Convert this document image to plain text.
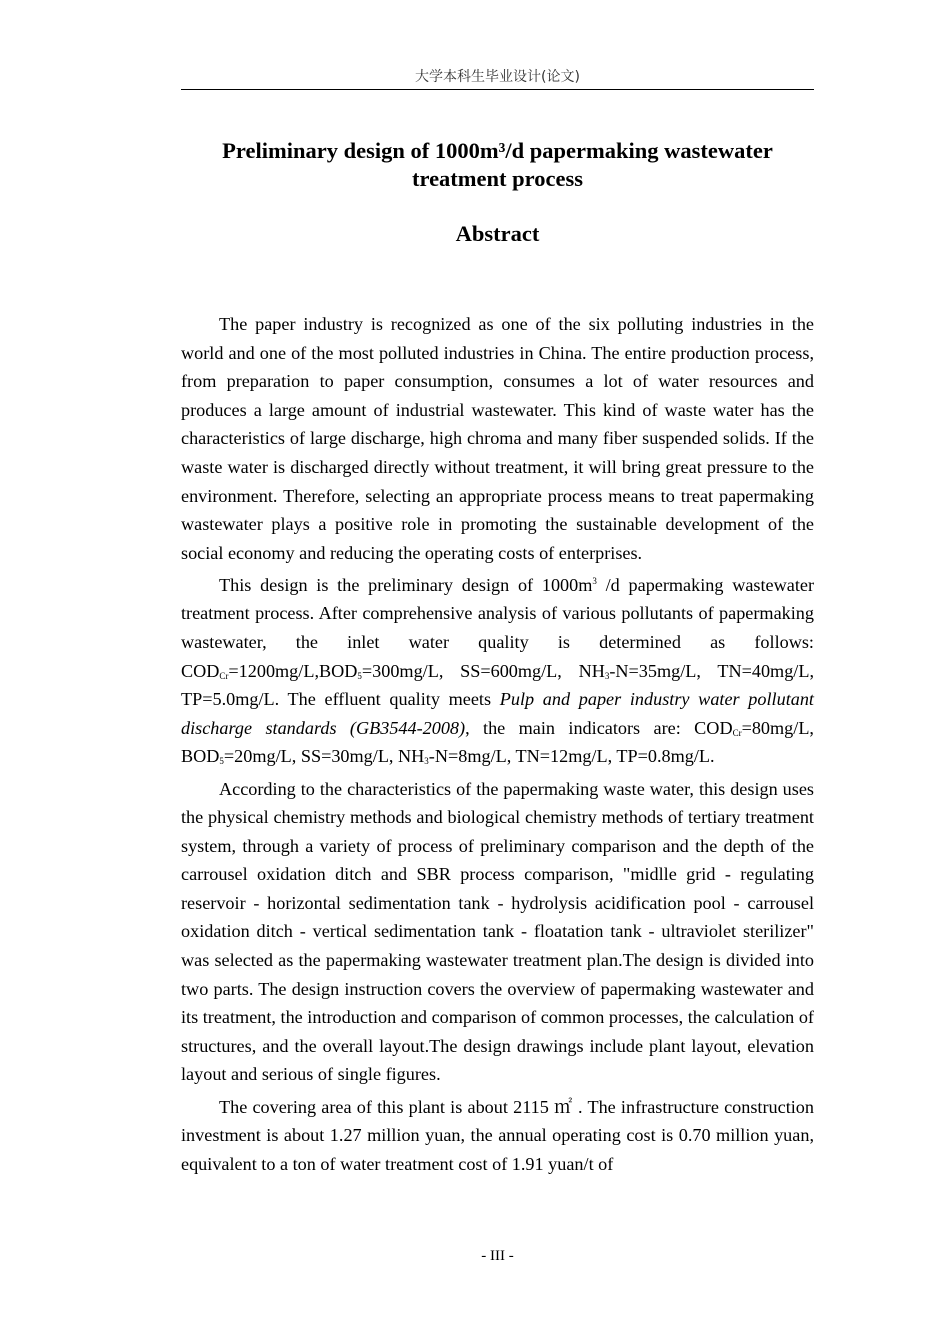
大学本科生毕业设计(论文)
Preliminary design of 1000m³/d papermaking wastewater
treatment process
Abstract

The paper industry is recognized as one of the six polluting industries in the world and one of the most polluted industries in China. The entire production process, from preparation to paper consumption, consumes a lot of water resources and produces a large amount of industrial wastewater. This kind of waste water has the characteristics of large discharge, high chroma and many fiber suspended solids. If the waste water is discharged directly without treatment, it will bring great pressure to the environment. Therefore, selecting an appropriate process means to treat papermaking wastewater plays a positive role in promoting the sustainable development of the social economy and reducing the operating costs of enterprises.

This design is the preliminary design of $1000m^3$ /d papermaking wastewater treatment process. After comprehensive analysis of various pollutants of papermaking wastewater, the inlet water quality is determined as follows: $COD_{Cr}=1200mg/L,BOD_5=300mg/L$, SS=600mg/L, $NH_3-N=35mg/L$, TN=40mg/L, TP=5.0mg/L. The effluent quality meets Pulp and paper industry water pollutant discharge standards (GB3544-2008), the main indicators are: $COD_{Cr}=80mg/L$, $BOD_5=20mg/L$, SS=30mg/L, $NH_3-N=8mg/L$, TN=12mg/L, TP=0.8mg/L.

According to the characteristics of the papermaking waste water, this design uses the physical chemistry methods and biological chemistry methods of tertiary treatment system, through a variety of process of preliminary comparison and the depth of the carrousel oxidation ditch and SBR process comparison, "midlle grid - regulating reservoir - horizontal sedimentation tank - hydrolysis acidification pool - carrousel oxidation ditch - vertical sedimentation tank - floatation tank - ultraviolet sterilizer" was selected as the papermaking wastewater treatment plan.The design is divided into two parts. The design instruction covers the overview of papermaking wastewater and its treatment, the introduction and comparison of common processes, the calculation of structures, and the overall layout.The design drawings include plant layout, elevation layout and serious of single figures.

The covering area of this plant is about 2115 ㎡ . The infrastructure construction investment is about 1.27 million yuan, the annual operating cost is 0.70 million yuan, equivalent to a ton of water treatment cost of 1.91 yuan/t of

- III -
